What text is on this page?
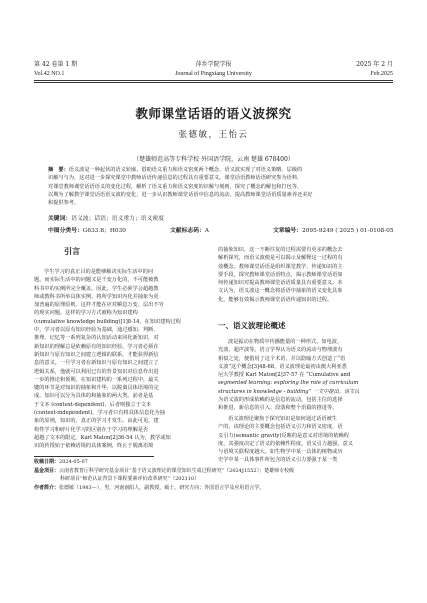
第 42 卷第 1 期
Vol.42 NO.1
萍乡学院学报
Journal of Pingxiang University
2025 年 2 月
Feb.2025
教师课堂话语的语义波探究
张德敏，王怡云
（楚雄师范高等专科学校 外国语学院，云南 楚雄 678400）
摘　要：语义波是一种起伏的语义轮廓，借助语义重力和语义密度两个概念，语义波实现了对语义策略、层级的
识解与与为，这对进一步探究课堂中教师话语传递信息的过程具有重要意义。课堂话语教师话语研究参为语料，
对课堂教师课堂话语语义的变化过程，解析了语义重力和语义密度的识解与刻画，探究了概念的解包和打包等，
以期为了解教学课堂话语语义波的变化，进一步认识教师课堂话语中信息的流动，提高教师课堂话语质量素养还美好
和提供参考。
关键词：语义波；话语；语义重力；语义密度
中图分类号：G633.8；H030	文献标志码：A	文章编号：2095-9249 ( 2025 ) 01-0108-05
引言
学生学习的真正目的是能够解决实际生活中的问
题，而实际生活中的问题又是千变万化的，不可能被教
科书中的实例所完全覆盖。因此，学生必须学会超越教
师或教科书所举具体实例，将所学知识内化并抽象为更
加普遍的原理原则，这样才能在应对瞬息万变、层出不穷
的现实问题。这样的学习方式被称为知识建构
(cumulative knowledge building)[1]8-14，在知识建构过程
中，学习者以原有知识经验为基础，通过感知、判断、
推理、记忆等一系列复杂的认知活动来同化新知识，对
新知识的理解总是依赖原有的知识经验。学习者必须在
新知识与原有知识之间建立逻辑的联系，才能获得新信
息的意义。一旦学习者在新知识与原有知识之间建立了
逻辑关系，他就可以利用已有的背景知识对信息作出进
一步的推论和预期，在知识建构的一系列过程中，最关
键的环节是对知识的抽象和升华，以脱离具体语境的完
成。知识可以分为具体的和抽象的两大类。前者是基
于文本 (context-dependent)，后者则独立于文本
(context-independent)。学习者只有将具体信息化为抽
象的原则，知识的，真正的学习才发生。由此可见，建
构性学习和碎片化学习的区别在于学习的理解是否
超越了文本的限定。Karl Maton[2]36-54 认为，教学或知
识的传授始于依赖语境的具体案例，终止于脱离语境
的抽象知识，这一不断往复的过程需要有更多的概念去
解析探究，而语义波便是可以揭示及解释这一过程的有
效概念。教师课堂话语是组织课堂教学、传递知识的主
要手段，探究教师课堂话语特点，揭示教师课堂话语如
何传递知识对提高教师课堂话语质量具有重要意义。本
文认为，语义波这一概念将话语中抽象的语义变化具象
化，能够有效揭示教师课堂话语传递知识的过程。
一、语义波理论概述
波是振动在物质中传播能量的一种形式，如电波、
光波、超声波等。语言学界认为语义的流动与物理波有
相似之处，便借用了这个术语，并以隐喻方式创造了“语
义波”这个概念[3]48-68。语义波理论最初由澳大利亚悉
尼大学教授 Karl Maton[2]37-57 在 “Cumulative and
segmented learning: exploring the role of curriculum
structures in knowledge - building” 一文中提出。该文认
为语义波的形成依赖的是信息的流动，包括主位的选择
和推进、新信息的引入、段落和整个语篇的推进等。
语义波理论聚焦于探究知识是如何通过话语被生
产的，该理论的主要概念包括语义引力和语义密度，语
义引力(semantic gravity)反映的是意义对语境的依赖程
度，其强度决定了语义的依赖性程度。语义引力越强，意义
与语境关联程度越大。如生物学中某一具体的植物或历
史学中某一具体事件所包含的语义引力要强于某一类
收稿日期：2024-05-07
基金项目：云南省教育厅科学研究基金项目“基于语义波理论的课堂知识生成过程研究”（2024J1552）；楚雄师专校级
科研项目“师范认证背景下课程要素评价改革研究”（202110）
作者简介：张德敏（1983—），男，河南南阳人，副教授，硕士，研究方向：外国语言学及应用语言学。
